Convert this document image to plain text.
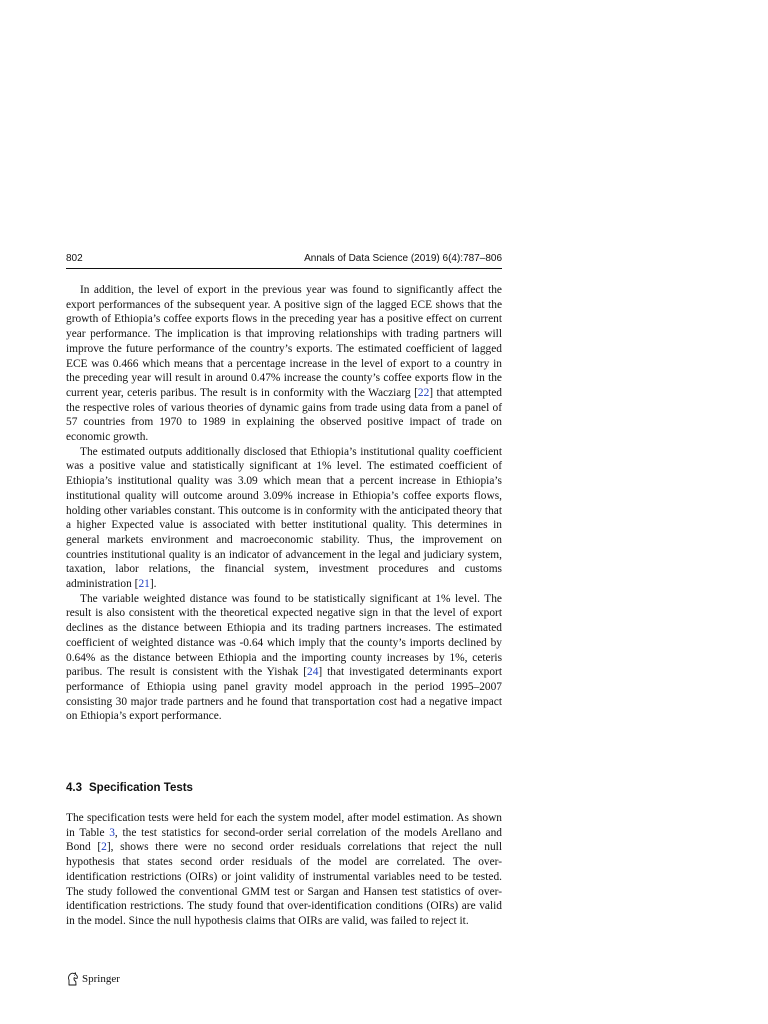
802	Annals of Data Science (2019) 6(4):787–806

In addition, the level of export in the previous year was found to significantly affect the export performances of the subsequent year. A positive sign of the lagged ECE shows that the growth of Ethiopia’s coffee exports flows in the preceding year has a positive effect on current year performance. The implication is that improving relationships with trading partners will improve the future performance of the country’s exports. The estimated coefficient of lagged ECE was 0.466 which means that a percentage increase in the level of export to a country in the preceding year will result in around 0.47% increase the county’s coffee exports flow in the current year, ceteris paribus. The result is in conformity with the Wacziarg [22] that attempted the respective roles of various theories of dynamic gains from trade using data from a panel of 57 countries from 1970 to 1989 in explaining the observed positive impact of trade on economic growth.

The estimated outputs additionally disclosed that Ethiopia’s institutional quality coefficient was a positive value and statistically significant at 1% level. The estimated coefficient of Ethiopia’s institutional quality was 3.09 which mean that a percent increase in Ethiopia’s institutional quality will outcome around 3.09% increase in Ethiopia’s coffee exports flows, holding other variables constant. This outcome is in conformity with the anticipated theory that a higher Expected value is associated with better institutional quality. This determines in general markets environment and macroeconomic stability. Thus, the improvement on countries institutional quality is an indicator of advancement in the legal and judiciary system, taxation, labor relations, the financial system, investment procedures and customs administration [21].

The variable weighted distance was found to be statistically significant at 1% level. The result is also consistent with the theoretical expected negative sign in that the level of export declines as the distance between Ethiopia and its trading partners increases. The estimated coefficient of weighted distance was -0.64 which imply that the county’s imports declined by 0.64% as the distance between Ethiopia and the importing county increases by 1%, ceteris paribus. The result is consistent with the Yishak [24] that investigated determinants export performance of Ethiopia using panel gravity model approach in the period 1995–2007 consisting 30 major trade partners and he found that transportation cost had a negative impact on Ethiopia’s export performance.

4.3 Specification Tests

The specification tests were held for each the system model, after model estimation. As shown in Table 3, the test statistics for second-order serial correlation of the models Arellano and Bond [2], shows there were no second order residuals correlations that reject the null hypothesis that states second order residuals of the model are correlated. The over-identification restrictions (OIRs) or joint validity of instrumental variables need to be tested. The study followed the conventional GMM test or Sargan and Hansen test statistics of over-identification restrictions. The study found that over-identification conditions (OIRs) are valid in the model. Since the null hypothesis claims that OIRs are valid, was failed to reject it.

Springer
